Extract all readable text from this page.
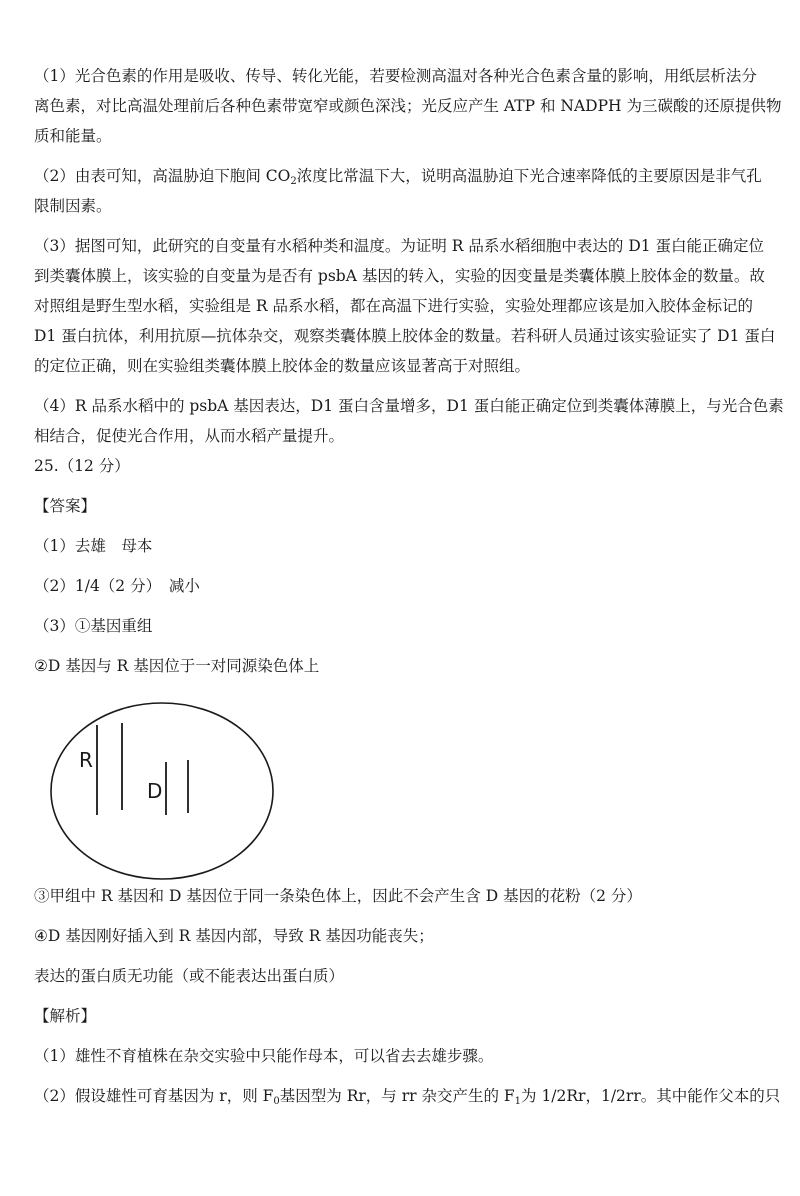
（1）光合色素的作用是吸收、传导、转化光能，若要检测高温对各种光合色素含量的影响，用纸层析法分
离色素，对比高温处理前后各种色素带宽窄或颜色深浅；光反应产生 ATP 和 NADPH 为三碳酸的还原提供物
质和能量。
（2）由表可知，高温胁迫下胞间 $CO_2$浓度比常温下大，说明高温胁迫下光合速率降低的主要原因是非气孔
限制因素。
（3）据图可知，此研究的自变量有水稻种类和温度。为证明 R 品系水稻细胞中表达的 D1 蛋白能正确定位
到类囊体膜上，该实验的自变量为是否有 psbA 基因的转入，实验的因变量是类囊体膜上胶体金的数量。故
对照组是野生型水稻，实验组是 R 品系水稻，都在高温下进行实验，实验处理都应该是加入胶体金标记的
D1 蛋白抗体，利用抗原—抗体杂交，观察类囊体膜上胶体金的数量。若科研人员通过该实验证实了 D1 蛋白
的定位正确，则在实验组类囊体膜上胶体金的数量应该显著高于对照组。
（4）R 品系水稻中的 psbA 基因表达，D1 蛋白含量增多，D1 蛋白能正确定位到类囊体薄膜上，与光合色素
相结合，促使光合作用，从而水稻产量提升。
25.（12 分）
【答案】
（1）去雄　母本
（2）1/4（2 分）　减小
（3）①基因重组
②D 基因与 R 基因位于一对同源染色体上
R
D
③甲组中 R 基因和 D 基因位于同一条染色体上，因此不会产生含 D 基因的花粉（2 分）
④D 基因刚好插入到 R 基因内部，导致 R 基因功能丧失；
表达的蛋白质无功能（或不能表达出蛋白质）
【解析】
（1）雄性不育植株在杂交实验中只能作母本，可以省去去雄步骤。
（2）假设雄性可育基因为 r，则 $F_0$基因型为 Rr，与 rr 杂交产生的 $F_1$为 1/2Rr，1/2rr。其中能作父本的只
